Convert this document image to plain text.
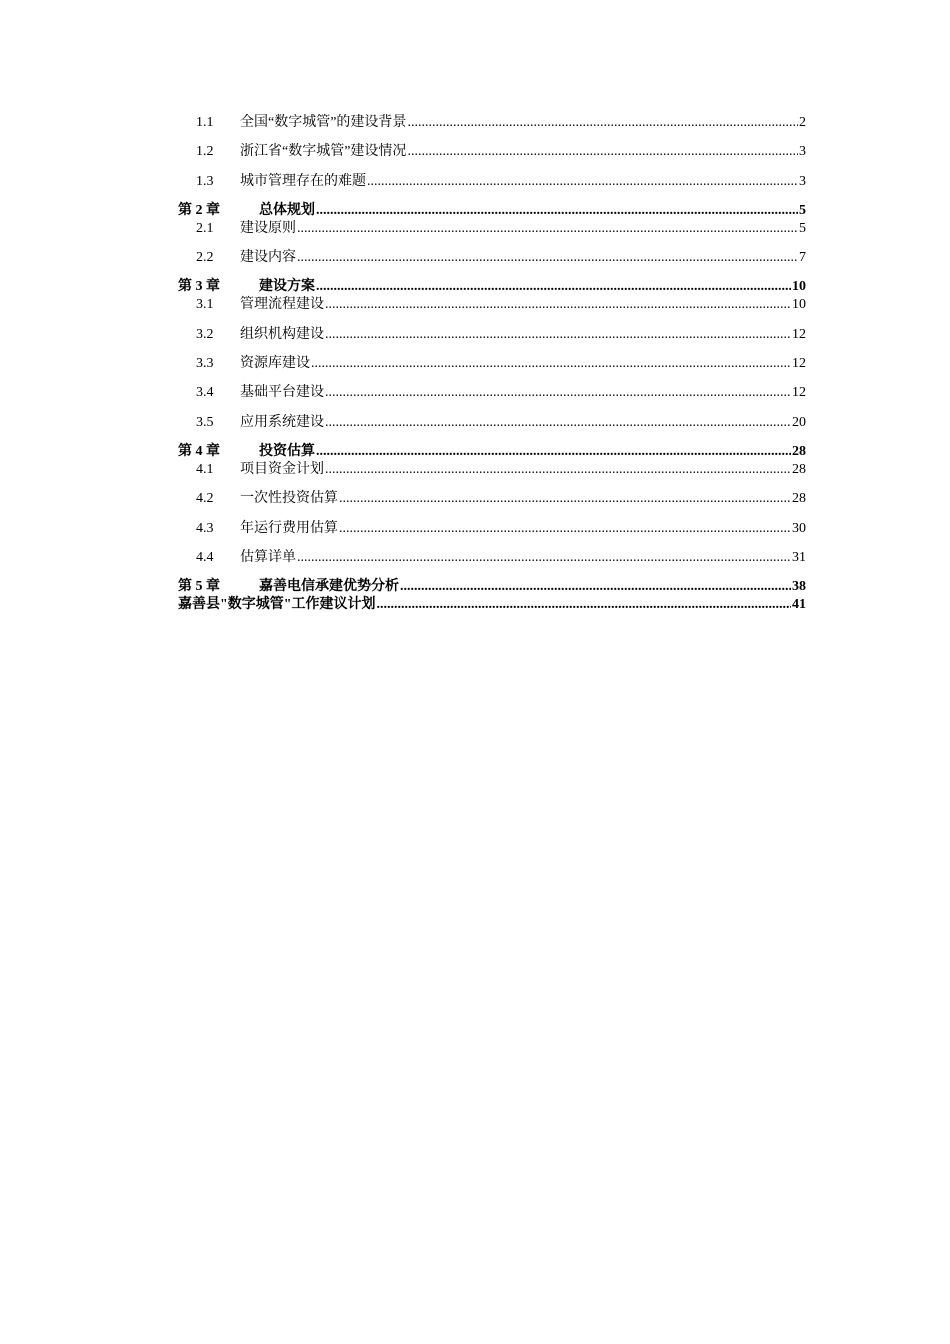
1.1	全国“数字城管”的建设背景 .....	2
1.2	浙江省“数字城管”建设情况 .....	3
1.3	城市管理存在的难题 .....	3
第 2 章	总体规划 .....	5
2.1	建设原则 .....	5
2.2	建设内容 .....	7
第 3 章	建设方案 .....	10
3.1	管理流程建设 .....	10
3.2	组织机构建设 .....	12
3.3	资源库建设 .....	12
3.4	基础平台建设 .....	12
3.5	应用系统建设 .....	20
第 4 章	投资估算 .....	28
4.1	项目资金计划 .....	28
4.2	一次性投资估算 .....	28
4.3	年运行费用估算 .....	30
4.4	估算详单 .....	31
第 5 章	嘉善电信承建优势分析 .....	38
嘉善县"数字城管"工作建议计划 .....	41
